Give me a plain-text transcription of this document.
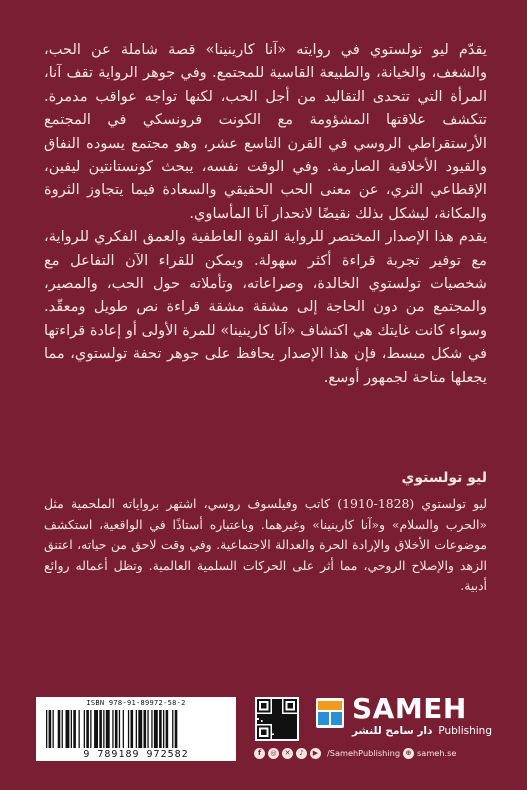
يقدّم ليو تولستوي في روايته «آنا كارينينا» قصة شاملة عن الحب، والشغف، والخيانة، والطبيعة القاسية للمجتمع. وفي جوهر الرواية تقف آنا، المرأة التي تتحدى التقاليد من أجل الحب، لكنها تواجه عواقب مدمرة. تتكشف علاقتها المشؤومة مع الكونت فرونسكي في المجتمع الأرستقراطي الروسي في القرن التاسع عشر، وهو مجتمع يسوده النفاق والقيود الأخلاقية الصارمة. وفي الوقت نفسه، يبحث كونستانتين ليفين، الإقطاعي الثري، عن معنى الحب الحقيقي والسعادة فيما يتجاوز الثروة والمكانة، ليشكل بذلك نقيضًا لانحدار آنا المأساوي.

يقدم هذا الإصدار المختصر للرواية القوة العاطفية والعمق الفكري للرواية، مع توفير تجربة قراءة أكثر سهولة. ويمكن للقراء الآن التفاعل مع شخصيات تولستوي الخالدة، وصراعاته، وتأملاته حول الحب، والمصير، والمجتمع من دون الحاجة إلى مشقة مشقة قراءة نص طويل ومعقّد. وسواء كانت غايتك هي اكتشاف «آنا كارينينا» للمرة الأولى أو إعادة قراءتها في شكل مبسط، فإن هذا الإصدار يحافظ على جوهر تحفة تولستوي، مما يجعلها متاحة لجمهور أوسع.

ليو تولستوي

ليو تولستوي (1828-1910) كاتب وفيلسوف روسي، اشتهر برواياته الملحمية مثل «الحرب والسلام» و«آنا كارينينا» وغيرهما. وباعتباره أستاذًا في الواقعية، استكشف موضوعات الأخلاق والإرادة الحرة والعدالة الاجتماعية. وفي وقت لاحق من حياته، اعتنق الزهد والإصلاح الروحي، مما أثر على الحركات السلمية العالمية. وتظل أعماله روائع أدبية.

ISBN 978-91-89972-58-2
9 789189 972582
SAMEH
دار سامح للنشر Publishing
f	◎	✕	♪	▶	/SamehPublishing ⊕ sameh.se
